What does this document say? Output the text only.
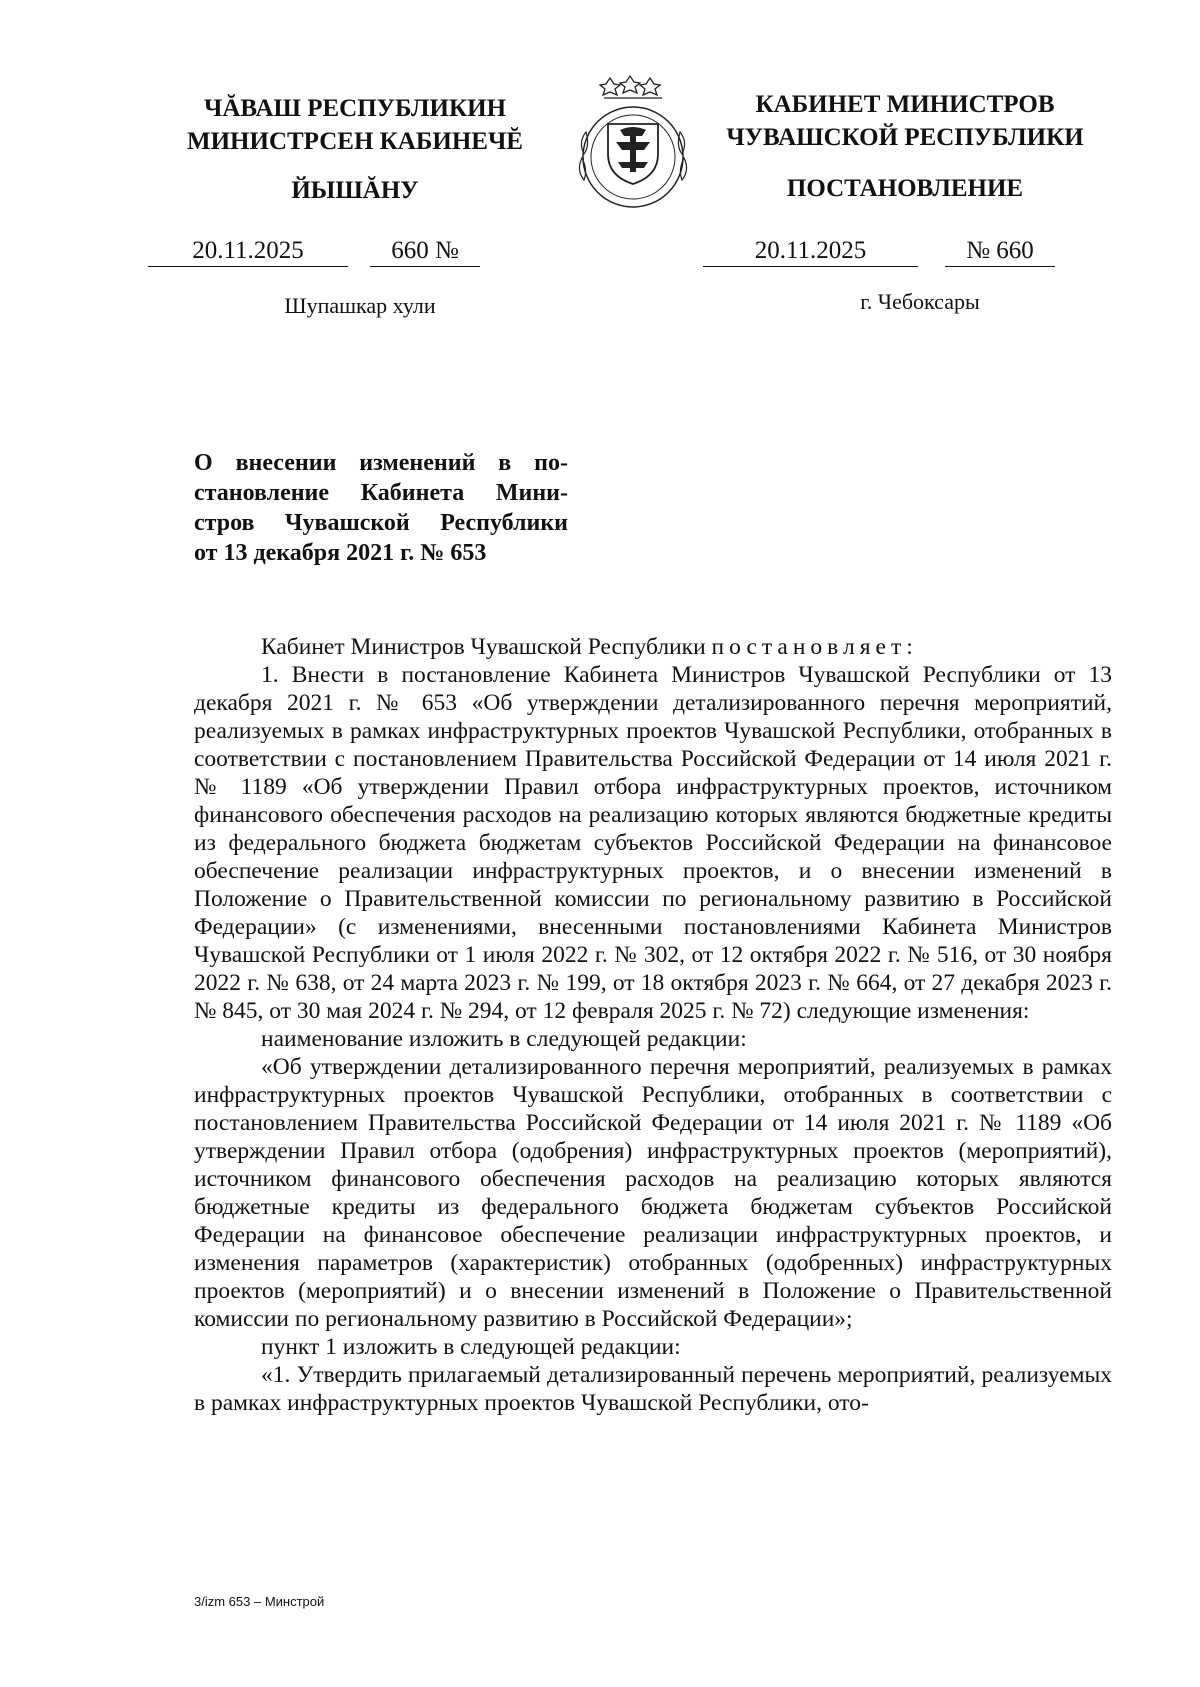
ЧĂВАШ РЕСПУБЛИКИН
МИНИСТРСЕН КАБИНЕЧĔ
ЙЫШĂНУ
КАБИНЕТ МИНИСТРОВ
ЧУВАШСКОЙ РЕСПУБЛИКИ
ПОСТАНОВЛЕНИЕ
20.11.2025	660 №	20.11.2025	№ 660
Шупашкар хули	г. Чебоксары
О внесении изменений в по-
становление Кабинета Мини-
стров Чувашской Республики
от 13 декабря 2021 г. № 653

Кабинет Министров Чувашской Республики постановляет:

1. Внести в постановление Кабинета Министров Чувашской Республики от 13 декабря 2021 г. № 653 «Об утверждении детализированного перечня мероприятий, реализуемых в рамках инфраструктурных проектов Чувашской Республики, отобранных в соответствии с постановлением Правительства Российской Федерации от 14 июля 2021 г. № 1189 «Об утверждении Правил отбора инфраструктурных проектов, источником финансового обеспечения расходов на реализацию которых являются бюджетные кредиты из федерального бюджета бюджетам субъектов Российской Федерации на финансовое обеспечение реализации инфраструктурных проектов, и о внесении изменений в Положение о Правительственной комиссии по региональному развитию в Российской Федерации» (с изменениями, внесенными постановлениями Кабинета Министров Чувашской Республики от 1 июля 2022 г. № 302, от 12 октября 2022 г. № 516, от 30 ноября 2022 г. № 638, от 24 марта 2023 г. № 199, от 18 октября 2023 г. № 664, от 27 декабря 2023 г. № 845, от 30 мая 2024 г. № 294, от 12 февраля 2025 г. № 72) следующие изменения:

наименование изложить в следующей редакции:

«Об утверждении детализированного перечня мероприятий, реализуемых в рамках инфраструктурных проектов Чувашской Республики, отобранных в соответствии с постановлением Правительства Российской Федерации от 14 июля 2021 г. № 1189 «Об утверждении Правил отбора (одобрения) инфраструктурных проектов (мероприятий), источником финансового обеспечения расходов на реализацию которых являются бюджетные кредиты из федерального бюджета бюджетам субъектов Российской Федерации на финансовое обеспечение реализации инфраструктурных проектов, и изменения параметров (характеристик) отобранных (одобренных) инфраструктурных проектов (мероприятий) и о внесении изменений в Положение о Правительственной комиссии по региональному развитию в Российской Федерации»;

пункт 1 изложить в следующей редакции:

«1. Утвердить прилагаемый детализированный перечень мероприятий, реализуемых в рамках инфраструктурных проектов Чувашской Республики, ото-

3/izm 653 – Минстрой
